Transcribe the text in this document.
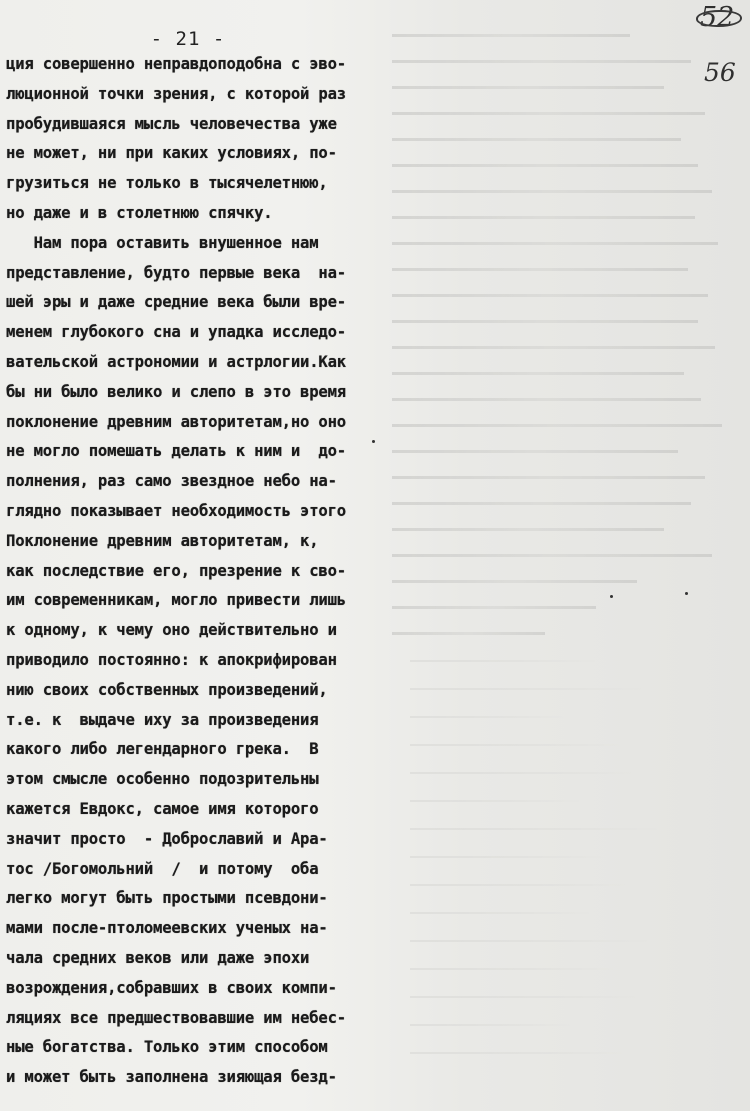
- 21 -
52
56
ция совершенно неправдоподобна с эво-
люционной точки зрения, с которой раз
пробудившаяся мысль человечества уже
не может, ни при каких условиях, по-
грузиться не только в тысячелетнюю,
но даже и в столетнюю спячку.
Нам пора оставить внушенное нам
представление, будто первые века  на-
шей эры и даже средние века были вре-
менем глубокого сна и упадка исследо-
вательской астрономии и астрлогии.Как
бы ни было велико и слепо в это время
поклонение древним авторитетам,но оно
не могло помешать делать к ним и  до-
полнения, раз само звездное небо на-
глядно показывает необходимость этого
Поклонение древним авторитетам, к,
как последствие его, презрение к сво-
им современникам, могло привести лишь
к одному, к чему оно действительно и
приводило постоянно: к апокрифирован
нию своих собственных произведений,
т.е. к  выдаче иху за произведения
какого либо легендарного грека.  В
этом смысле особенно подозрительны
кажется Евдокс, самое имя которого
значит просто  - Доброславий и Ара-
тос /Богомольний  /  и потому  оба
легко могут быть простыми псевдони-
мами после-птоломеевских ученых на-
чала средних веков или даже эпохи
возрождения,собравших в своих компи-
ляциях все предшествовавшие им небес-
ные богатства. Только этим способом
и может быть заполнена зияющая безд-
